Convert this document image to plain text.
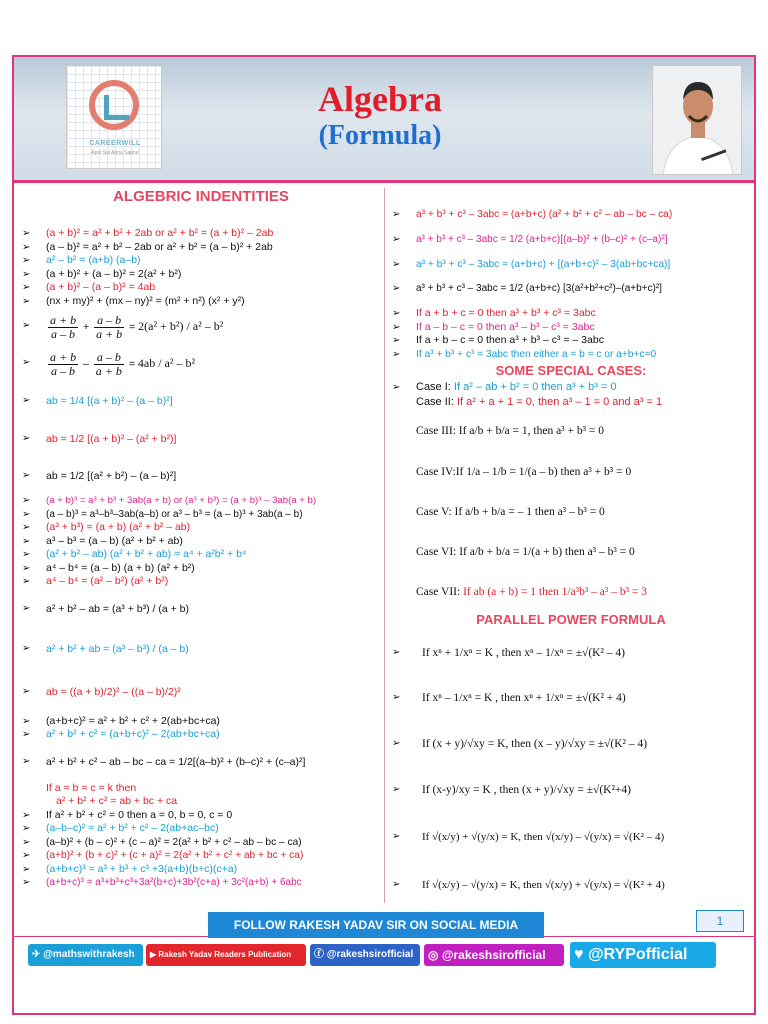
CAREERWILL
Apni Sui Apna Sapne
Algebra
(Formula)
ALGEBRIC INDENTITIES
➢ (a + b)² = a² + b² + 2ab or a² + b² = (a + b)² – 2ab
➢ (a – b)² = a² + b² – 2ab or a² + b² = (a – b)² + 2ab
➢ a² – b² = (a+b) (a–b)
➢ (a + b)² + (a – b)² = 2(a² + b²)
➢ (a + b)² – (a – b)² = 4ab
➢ (nx + my)² + (mx – ny)² = (m² + n²) (x² + y²)
➢ $\frac{a + b}{a - b} + \frac{a - b}{a + b} = 2(a^2 + b^2) / a^2 - b^2$
➢ $\frac{a + b}{a - b} - \frac{a - b}{a + b} = 4ab / a^2 - b^2$
➢ ab = 1/4 [(a + b)² – (a – b)²]
➢ ab = 1/2 [(a + b)² – (a² + b²)]
➢ ab = 1/2 [(a² + b²) – (a – b)²]
➢ (a + b)³ = a³ + b³ + 3ab(a + b) or (a³ + b³) = (a + b)³ – 3ab(a + b)
➢ (a – b)³ = a³–b³–3ab(a–b) or a³ – b³ = (a – b)³ + 3ab(a – b)
➢ (a³ + b³) = (a + b) (a² + b² – ab)
➢ a³ – b³ = (a – b) (a² + b² + ab)
➢ (a² + b² – ab) (a² + b² + ab) = a⁴ + a²b² + b⁴
➢ a⁴ – b⁴ = (a – b) (a + b) (a² + b²)
➢ a⁴ – b⁴ = (a² – b²) (a² + b²)
➢ a² + b² – ab = (a³ + b³) / (a + b)
➢ a² + b² + ab = (a³ – b³) / (a – b)
➢ ab = ((a + b)/2)² – ((a – b)/2)²
➢ (a+b+c)² = a² + b² + c² + 2(ab+bc+ca)
➢ a² + b² + c² = (a+b+c)² – 2(ab+bc+ca)
➢ a² + b² + c² – ab – bc – ca = 1/2[(a–b)² + (b–c)² + (c–a)²]
If a = b = c = k then
a² + b² + c² = ab + bc + ca
➢ If a² + b² + c² = 0 then a = 0, b = 0, c = 0
➢ (a–b–c)² = a² + b² + c² – 2(ab+ac–bc)
➢ (a–b)² + (b – c)² + (c – a)² = 2(a² + b² + c² – ab – bc – ca)
➢ (a+b)² + (b + c)² + (c + a)² = 2(a² + b² + c² + ab + bc + ca)
➢ (a+b+c)³ = a³ + b³ + c³ +3(a+b)(b+c)(c+a)
➢ (a+b+c)³ = a³+b³+c³+3a²(b+c)+3b²(c+a) + 3c²(a+b) + 6abc
➢ a³ + b³ + c³ – 3abc = (a+b+c) (a² + b² + c² – ab – bc – ca)
➢ a³ + b³ + c³ – 3abc = 1/2 (a+b+c)[(a–b)² + (b–c)² + (c–a)²]
➢ a³ + b³ + c³ – 3abc = (a+b+c) + [(a+b+c)² – 3(ab+bc+ca)]
➢ a³ + b³ + c³ – 3abc = 1/2 (a+b+c) [3(a²+b²+c²)–(a+b+c)²]
➢ If a + b + c = 0 then a³ + b³ + c³ = 3abc
➢ If a – b – c = 0 then a³ – b³ – c³ = 3abc
➢ If a + b – c = 0 then a³ + b³ – c³ = – 3abc
➢ If a³ + b³ + c³ = 3abc then either a = b = c or a+b+c=0
SOME SPECIAL CASES:
➢ Case I: If a² – ab + b² = 0 then a³ + b³ = 0
Case II: If a² + a + 1 = 0, then a³ – 1 = 0 and a³ = 1
Case III: If a/b + b/a = 1, then a³ + b³ = 0
Case IV:If 1/a – 1/b = 1/(a – b) then a³ + b³ = 0
Case V: If a/b + b/a = – 1 then a³ – b³ = 0
Case VI: If a/b + b/a = 1/(a + b) then a³ – b³ = 0
Case VII: If ab (a + b) = 1 then 1/a³b³ – a³ – b³ = 3
PARALLEL POWER FORMULA
➢ If xⁿ + 1/xⁿ = K , then xⁿ – 1/xⁿ = ±√(K² – 4)
➢ If xⁿ – 1/xⁿ = K , then xⁿ + 1/xⁿ = ±√(K² + 4)
➢ If (x + y)/√xy = K, then (x – y)/√xy = ±√(K² – 4)
➢ If (x-y)/xy = K , then (x + y)/√xy = ±√(K²+4)
➢ If √(x/y) + √(y/x) = K, then √(x/y) – √(y/x) = √(K² – 4)
➢ If √(x/y) – √(y/x) = K, then √(x/y) + √(y/x) = √(K² + 4)
FOLLOW RAKESH YADAV SIR ON SOCIAL MEDIA	1
✈ @mathswithrakesh	▶ Rakesh Yadav Readers Publication	ⓕ @rakeshsirofficial	◎ @rakeshsirofficial	♥ @RYPofficial
